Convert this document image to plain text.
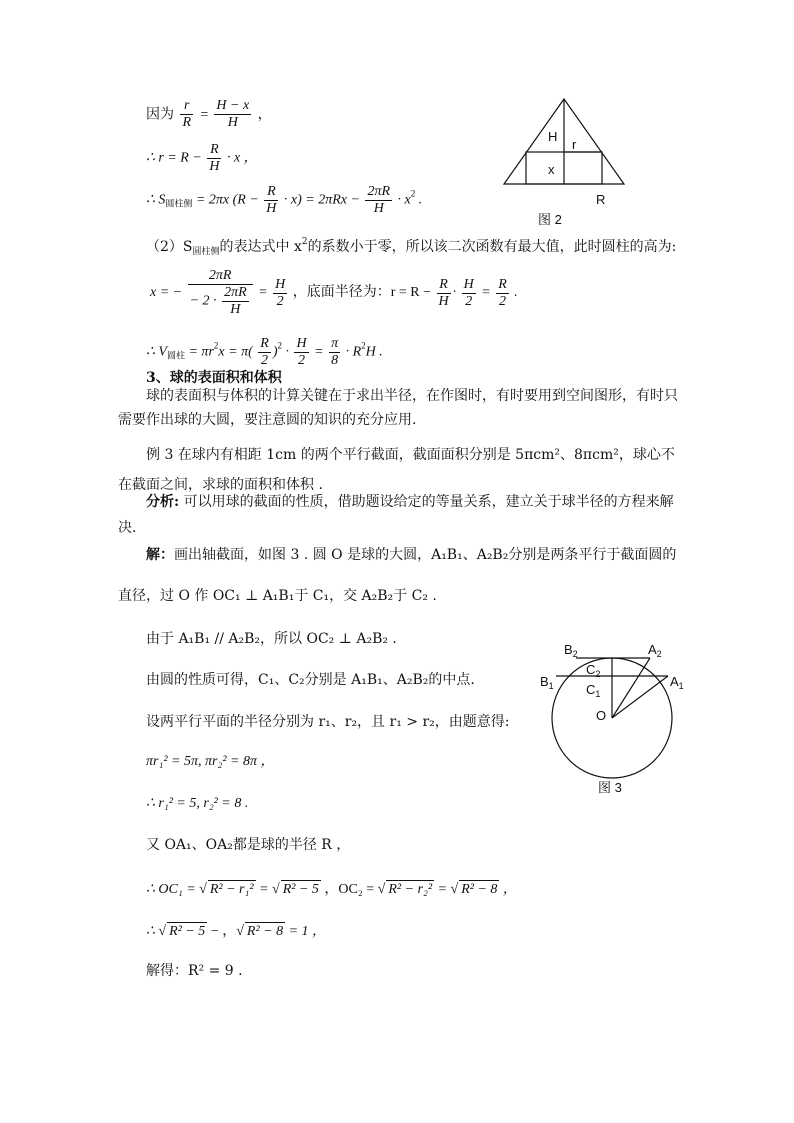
因为 $\frac{r}{R} = \frac{H - x}{H}$ ，
∴ $r = R - \frac{R}{H} \cdot x$ ，
∴ $S_{圆柱侧} = 2\pi x$ $(R - \frac{R}{H} \cdot x) = 2\pi Rx - \frac{2\pi R}{H} \cdot x^2$ .
$(2)S_{圆柱侧}$的表达式中 $x^2$的系数小于零，所以该二次函数有最大值，此时圆柱的高为:
x = − $\frac{2\pi R}{- 2 \cdot \frac{2\pi R}{H}} = \frac{H}{2}$ ，底面半径为：$r = R - \frac{R}{H} \cdot \frac{H}{2} = \frac{R}{2}$ .
∴ $V_{圆柱} = \pi r^2x = \pi( \frac{R}{2} )^2 \cdot \frac{H}{2} = \frac{\pi}{8} \cdot R^2H$ .
3、球的表面积和体积
球的表面积与体积的计算关键在于求出半径，在作图时，有时要用到空间图形，有时只需要作出球的大圆，要注意圆的知识的充分应用.
例 3 在球内有相距 1cm 的两个平行截面，截面面积分别是 5πcm²、8πcm²，球心不在截面之间，求球的面积和体积 .
分析: 可以用球的截面的性质，借助题设给定的等量关系，建立关于球半径的方程来解决.
解：画出轴截面，如图 3 . 圆 O 是球的大圆，A₁B₁、A₂B₂分别是两条平行于截面圆的
直径，过 O 作 OC₁ ⊥ A₁B₁于 C₁，交 A₂B₂于 C₂ .
由于 A₁B₁ // A₂B₂，所以 OC₂ ⊥ A₂B₂ .
由圆的性质可得，C₁、C₂分别是 A₁B₁、A₂B₂的中点.
设两平行平面的半径分别为 r₁、r₂，且 r₁ > r₂，由题意得:
πr₁² = 5π, πr₂² = 8π ，
∴ r₁² = 5, r₂² = 8 .
又 OA₁、OA₂都是球的半径 R ，
∴ OC₁ = √ R² − r₁² = √ R² − 5 ，OC₂ = √ R² − r₂² = √ R² − 8 ，
∴ √ R² − 5 − ，√ R² − 8 = 1 ，
解得：R² = 9 .
H
r
x
R
图 2
$B_2$	$A_2$
$C_2$
$B_1$ $C_1$
$A_1$
O
图 3
